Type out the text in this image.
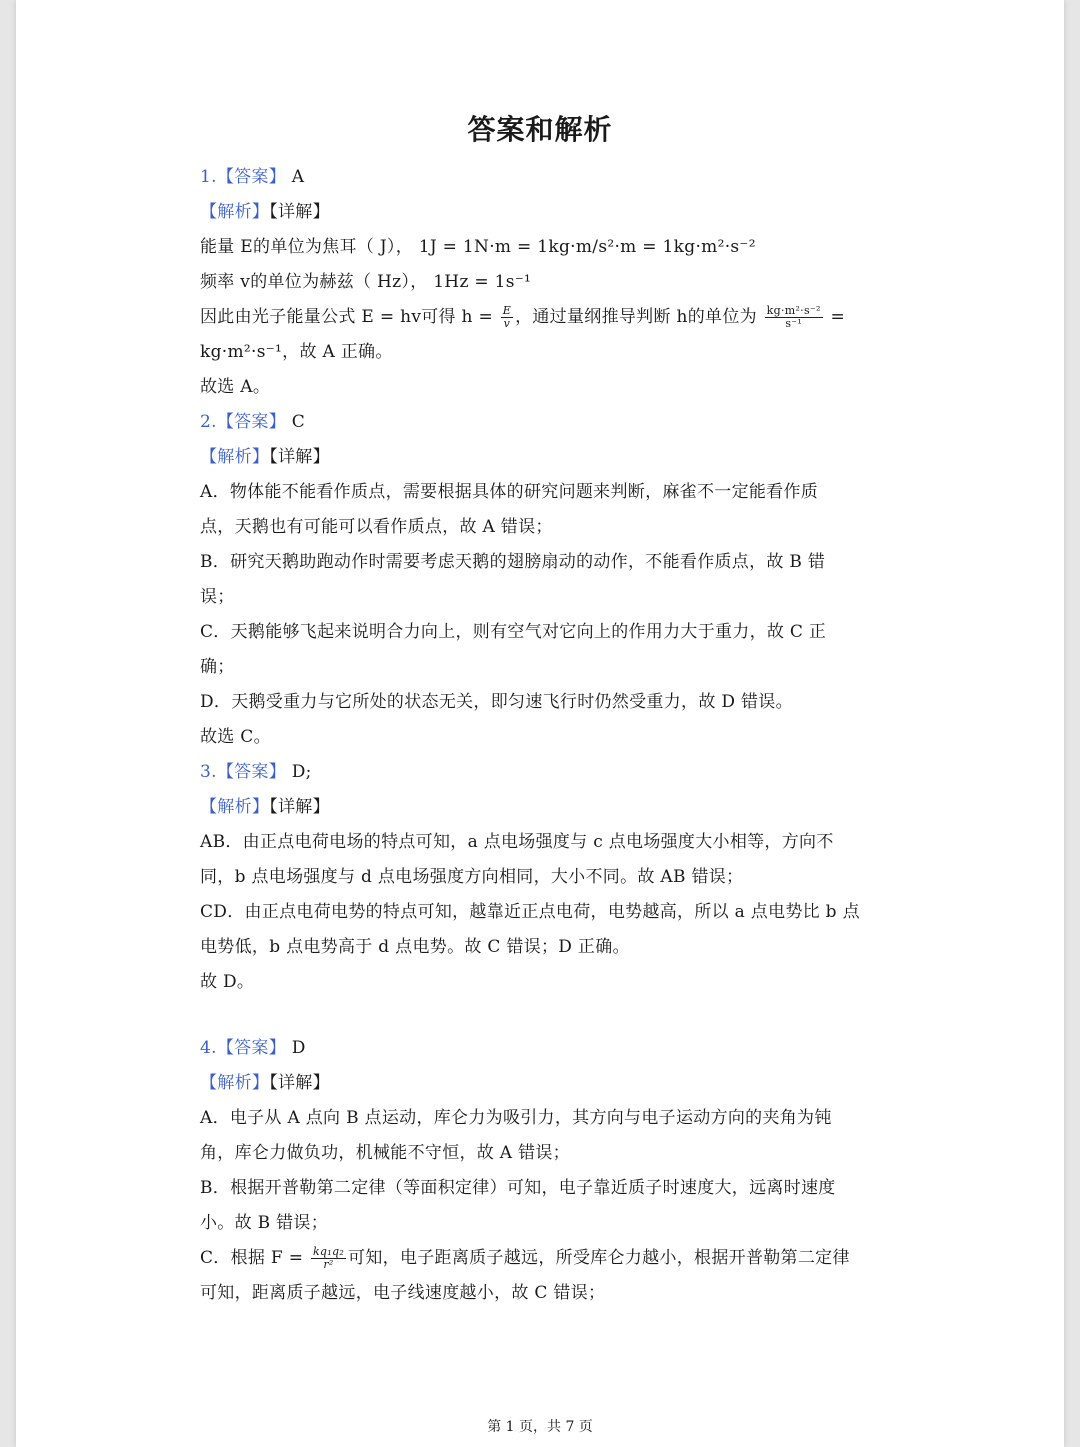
答案和解析
1.【答案】 A
【解析】【详解】
能量 E的单位为焦耳（ J）， 1J = 1N·m = 1kg·m/s²·m = 1kg·m²·s⁻²
频率 v的单位为赫兹（ Hz）， 1Hz = 1s⁻¹
因此由光子能量公式 E = hv可得 $h = \frac{E}{v}$ ，通过量纲推导判断 h的单位为 $\frac{\text{kg·m²·s⁻²}}{\text{s⁻¹}}$ =
kg·m²·s⁻¹，故 A 正确。
故选 A。
2.【答案】 C
【解析】【详解】
A．物体能不能看作质点，需要根据具体的研究问题来判断，麻雀不一定能看作质
点，天鹅也有可能可以看作质点，故 A 错误；
B．研究天鹅助跑动作时需要考虑天鹅的翅膀扇动的动作，不能看作质点，故 B 错
误；
C．天鹅能够飞起来说明合力向上，则有空气对它向上的作用力大于重力，故 C 正
确；
D．天鹅受重力与它所处的状态无关，即匀速飞行时仍然受重力，故 D 错误。
故选 C。
3.【答案】 D;
【解析】【详解】
AB．由正点电荷电场的特点可知，a 点电场强度与 c 点电场强度大小相等，方向不
同，b 点电场强度与 d 点电场强度方向相同，大小不同。故 AB 错误；
CD．由正点电荷电势的特点可知，越靠近正点电荷，电势越高，所以 a 点电势比 b 点
电势低，b 点电势高于 d 点电势。故 C 错误；D 正确。
故 D。
4.【答案】 D
【解析】【详解】
A．电子从 A 点向 B 点运动，库仑力为吸引力，其方向与电子运动方向的夹角为钝
角，库仑力做负功，机械能不守恒，故 A 错误；
B．根据开普勒第二定律（等面积定律）可知，电子靠近质子时速度大，远离时速度
小。故 B 错误；
C．根据 $F = \frac{\text{kq₁q₂}}{\text{r²}}$ 可知，电子距离质子越远，所受库仑力越小，根据开普勒第二定律
可知，距离质子越远，电子线速度越小，故 C 错误；
第 1 页，共 7 页
